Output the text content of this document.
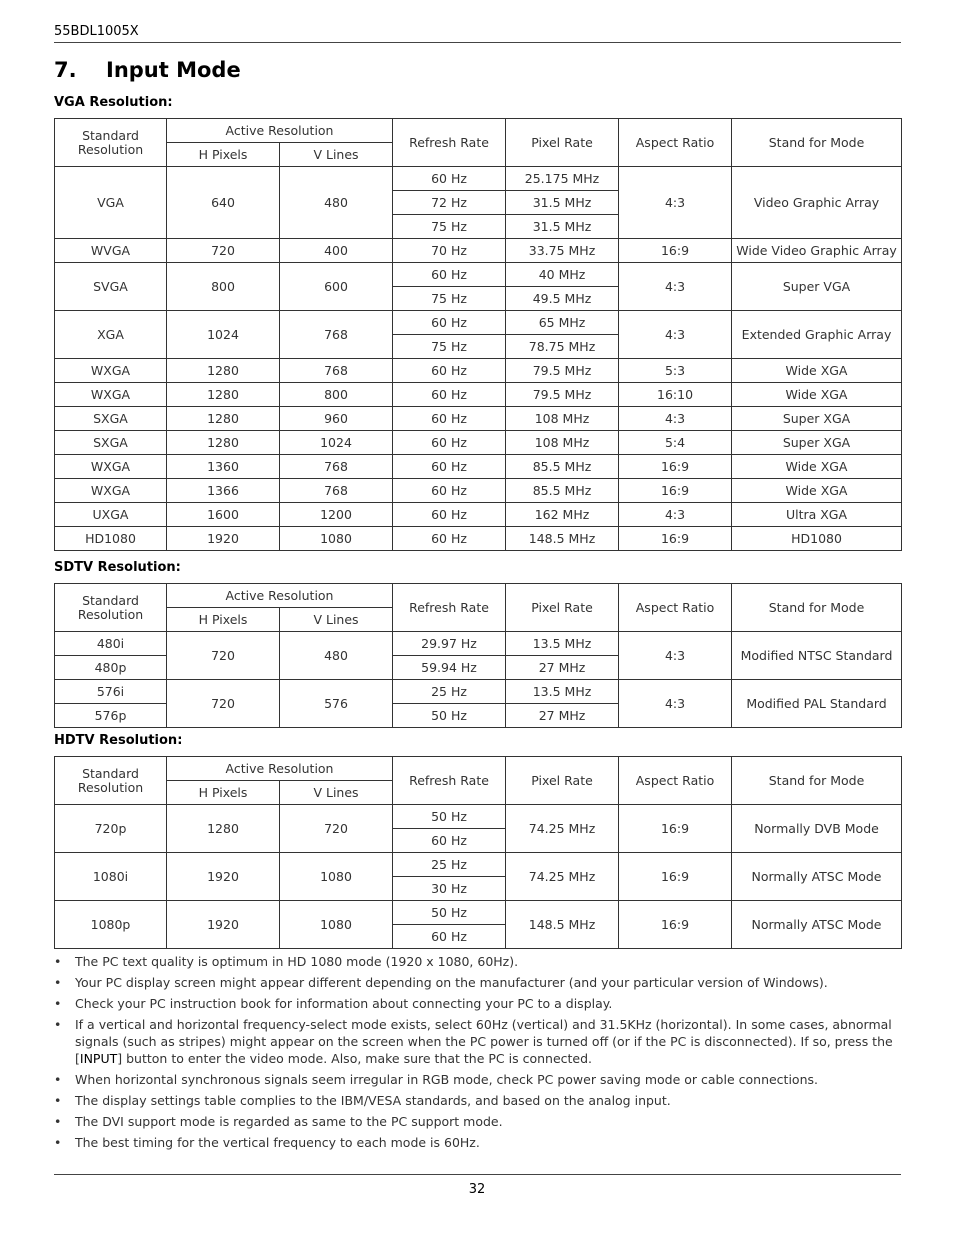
55BDL1005X
7. Input Mode
VGA Resolution:
Standard Resolution	Active Resolution		Refresh Rate	Pixel Rate	Aspect Ratio	Stand for Mode
	H Pixels	V Lines				
VGA	640	480	60 Hz	25.175 MHz	4:3	Video Graphic Array
			72 Hz	31.5 MHz		
			75 Hz	31.5 MHz		
WVGA	720	400	70 Hz	33.75 MHz	16:9	Wide Video Graphic Array
SVGA	800	600	60 Hz	40 MHz	4:3	Super VGA
			75 Hz	49.5 MHz		
XGA	1024	768	60 Hz	65 MHz	4:3	Extended Graphic Array
			75 Hz	78.75 MHz		
WXGA	1280	768	60 Hz	79.5 MHz	5:3	Wide XGA
WXGA	1280	800	60 Hz	79.5 MHz	16:10	Wide XGA
SXGA	1280	960	60 Hz	108 MHz	4:3	Super XGA
SXGA	1280	1024	60 Hz	108 MHz	5:4	Super XGA
WXGA	1360	768	60 Hz	85.5 MHz	16:9	Wide XGA
WXGA	1366	768	60 Hz	85.5 MHz	16:9	Wide XGA
UXGA	1600	1200	60 Hz	162 MHz	4:3	Ultra XGA
HD1080	1920	1080	60 Hz	148.5 MHz	16:9	HD1080
SDTV Resolution:
Standard Resolution	Active Resolution		Refresh Rate	Pixel Rate	Aspect Ratio	Stand for Mode
	H Pixels	V Lines				
480i	720	480	29.97 Hz	13.5 MHz	4:3	Modified NTSC Standard
480p			59.94 Hz	27 MHz		
576i	720	576	25 Hz	13.5 MHz	4:3	Modified PAL Standard
576p			50 Hz	27 MHz		
HDTV Resolution:
Standard Resolution	Active Resolution		Refresh Rate	Pixel Rate	Aspect Ratio	Stand for Mode
	H Pixels	V Lines				
720p	1280	720	50 Hz	74.25 MHz	16:9	Normally DVB Mode
			60 Hz			
1080i	1920	1080	25 Hz	74.25 MHz	16:9	Normally ATSC Mode
			30 Hz			
1080p	1920	1080	50 Hz	148.5 MHz	16:9	Normally ATSC Mode
			60 Hz			
• The PC text quality is optimum in HD 1080 mode (1920 x 1080, 60Hz).
• Your PC display screen might appear different depending on the manufacturer (and your particular version of Windows).
• Check your PC instruction book for information about connecting your PC to a display.
• If a vertical and horizontal frequency-select mode exists, select 60Hz (vertical) and 31.5KHz (horizontal). In some cases, abnormal signals (such as stripes) might appear on the screen when the PC power is turned off (or if the PC is disconnected). If so, press the [INPUT] button to enter the video mode. Also, make sure that the PC is connected.
• When horizontal synchronous signals seem irregular in RGB mode, check PC power saving mode or cable connections.
• The display settings table complies to the IBM/VESA standards, and based on the analog input.
• The DVI support mode is regarded as same to the PC support mode.
• The best timing for the vertical frequency to each mode is 60Hz.
32
